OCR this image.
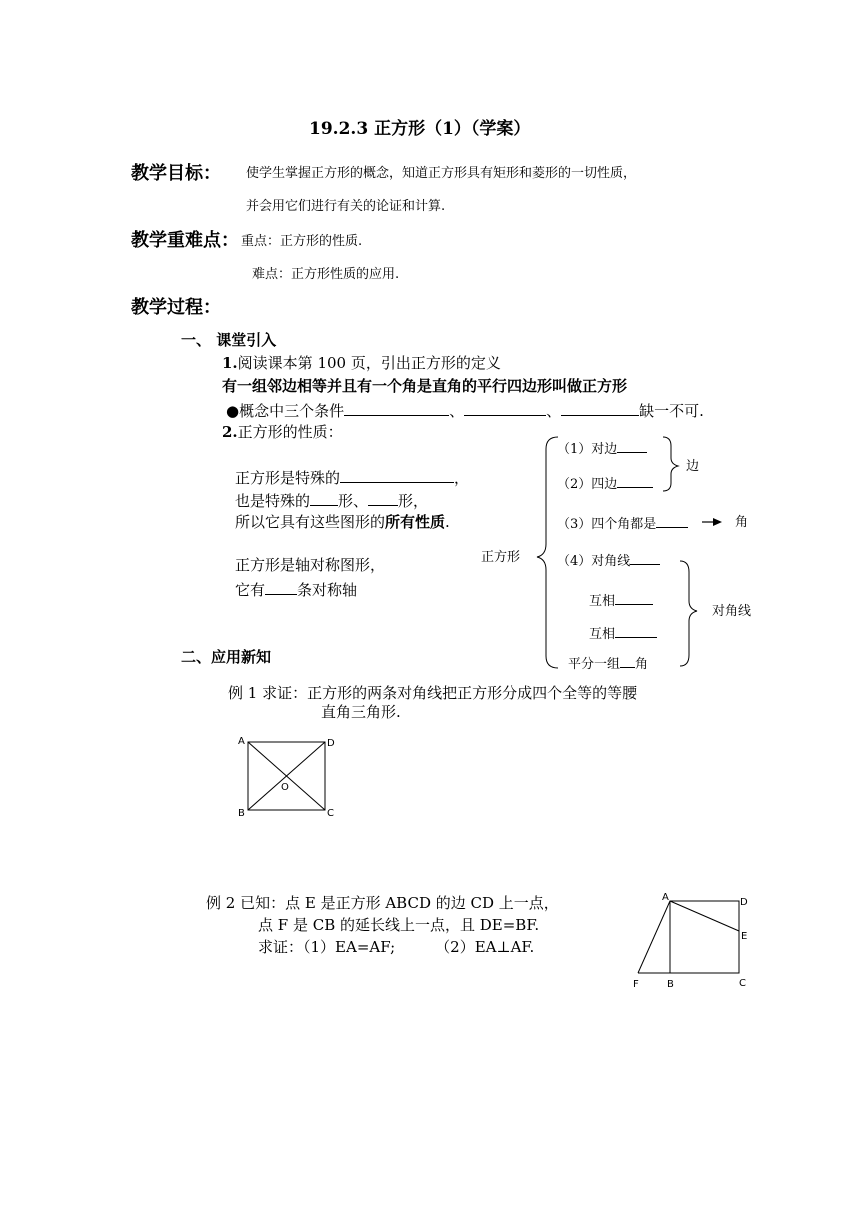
19.2.3 正方形（1）（学案）
教学目标： 使学生掌握正方形的概念，知道正方形具有矩形和菱形的一切性质，
并会用它们进行有关的论证和计算.
教学重难点： 重点：正方形的性质.
难点：正方形性质的应用.
教学过程：
一、 课堂引入
1.阅读课本第 100 页，引出正方形的定义
有一组邻边相等并且有一个角是直角的平行四边形叫做正方形
●概念中三个条件	、	、	缺一不可.
2.正方形的性质：
正方形是特殊的	，
也是特殊的 形、 形，
所以它具有这些图形的所有性质.
正方形是轴对称图形，
它有 条对称轴
正方形
（1）对边
（2）四边
边
（3）四个角都是	角
（4）对角线
互相
互相
平分一组 角
对角线
二、应用新知
例 1 求证：正方形的两条对角线把正方形分成四个全等的等腰
直角三角形.
A	D
B	C
O
例 2 已知：点 E 是正方形 ABCD 的边 CD 上一点，
点 F 是 CB 的延长线上一点，且 DE=BF.
求证：（1）EA=AF;	（2）EA⊥AF.
A	D
E
F	B	C
